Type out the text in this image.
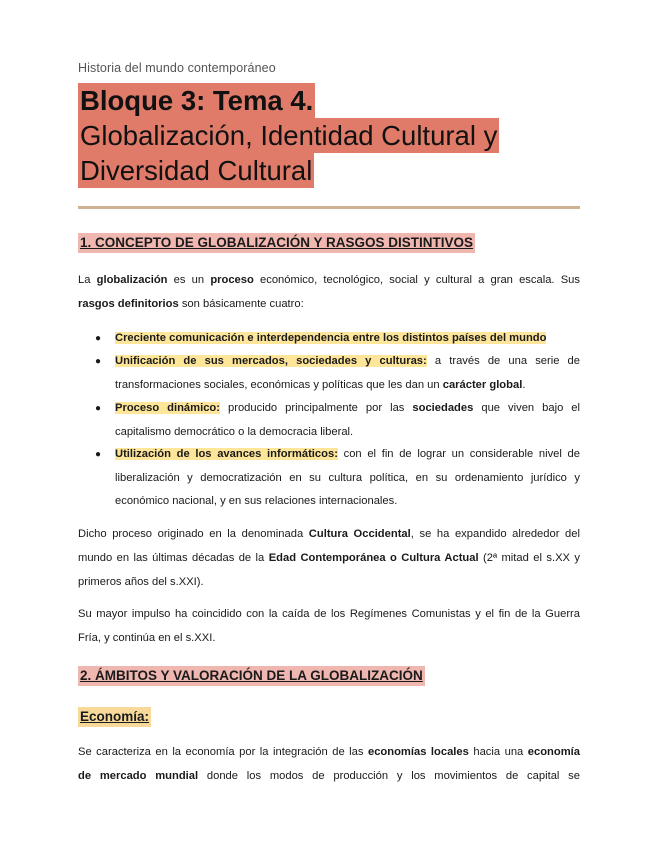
Historia del mundo contemporáneo
Bloque 3: Tema 4.
Globalización, Identidad Cultural y
Diversidad Cultural
1. CONCEPTO DE GLOBALIZACIÓN Y RASGOS DISTINTIVOS
La globalización es un proceso económico, tecnológico, social y cultural a gran escala. Sus
rasgos definitorios son básicamente cuatro:
●	Creciente comunicación e interdependencia entre los distintos países del mundo
●	Unificación de sus mercados, sociedades y culturas: a través de una serie de
transformaciones sociales, económicas y políticas que les dan un carácter global.
●	Proceso dinámico: producido principalmente por las sociedades que viven bajo el
capitalismo democrático o la democracia liberal.
●	Utilización de los avances informáticos: con el fin de lograr un considerable nivel de
liberalización y democratización en su cultura política, en su ordenamiento jurídico y
económico nacional, y en sus relaciones internacionales.
Dicho proceso originado en la denominada Cultura Occidental, se ha expandido alrededor del
mundo en las últimas décadas de la Edad Contemporánea o Cultura Actual (2ª mitad el s.XX y
primeros años del s.XXI).
Su mayor impulso ha coincidido con la caída de los Regímenes Comunistas y el fin de la Guerra
Fría, y continúa en el s.XXI.
2. ÁMBITOS Y VALORACIÓN DE LA GLOBALIZACIÓN
Economía:
Se caracteriza en la economía por la integración de las economías locales hacia una economía
de mercado mundial donde los modos de producción y los movimientos de capital se
